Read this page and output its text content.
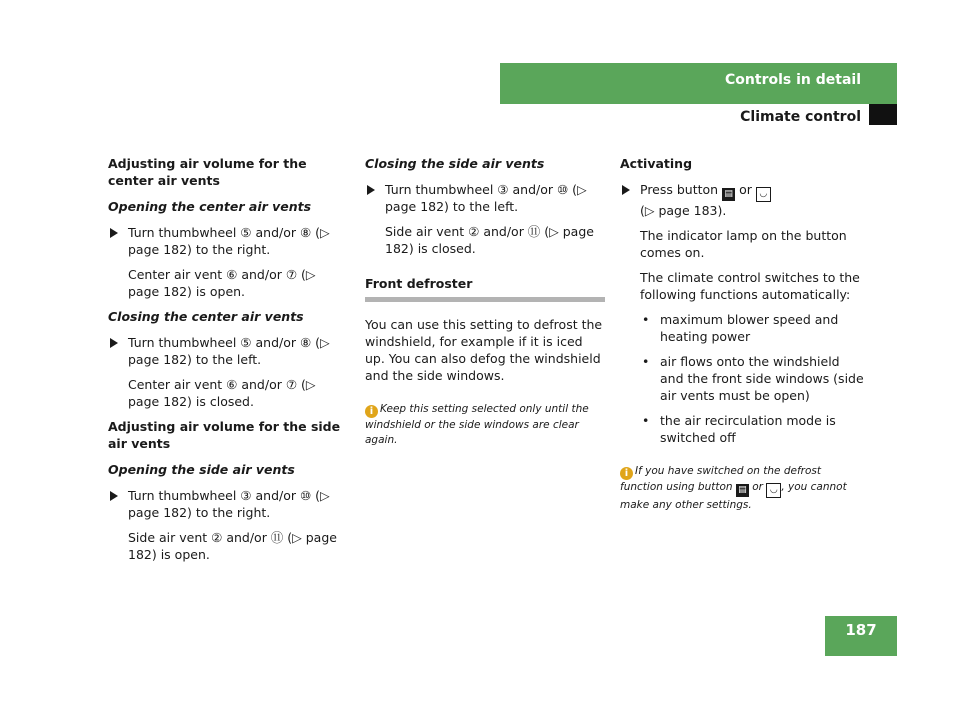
Controls in detail
Climate control
Adjusting air volume for the center air vents
Opening the center air vents
Turn thumbwheel ⑤ and/or ⑧ (▷ page 182) to the right.
Center air vent ⑥ and/or ⑦ (▷ page 182) is open.
Closing the center air vents
Turn thumbwheel ⑤ and/or ⑧ (▷ page 182) to the left.
Center air vent ⑥ and/or ⑦ (▷ page 182) is closed.
Adjusting air volume for the side air vents
Opening the side air vents
Turn thumbwheel ③ and/or ⑩ (▷ page 182) to the right.
Side air vent ② and/or ⑪ (▷ page 182) is open.
Closing the side air vents
Turn thumbwheel ③ and/or ⑩ (▷ page 182) to the left.
Side air vent ② and/or ⑪ (▷ page 182) is closed.
Front defroster
You can use this setting to defrost the windshield, for example if it is iced up. You can also defog the windshield and the side windows.

i Keep this setting selected only until the windshield or the side windows are clear again.

Activating
Press button ▤ or ◡
(▷ page 183).
The indicator lamp on the button comes on.
The climate control switches to the following functions automatically:
• maximum blower speed and heating power
• air flows onto the windshield and the front side windows (side air vents must be open)
• the air recirculation mode is switched off

i If you have switched on the defrost function using button ▤ or ◡ , you cannot make any other settings.

187
